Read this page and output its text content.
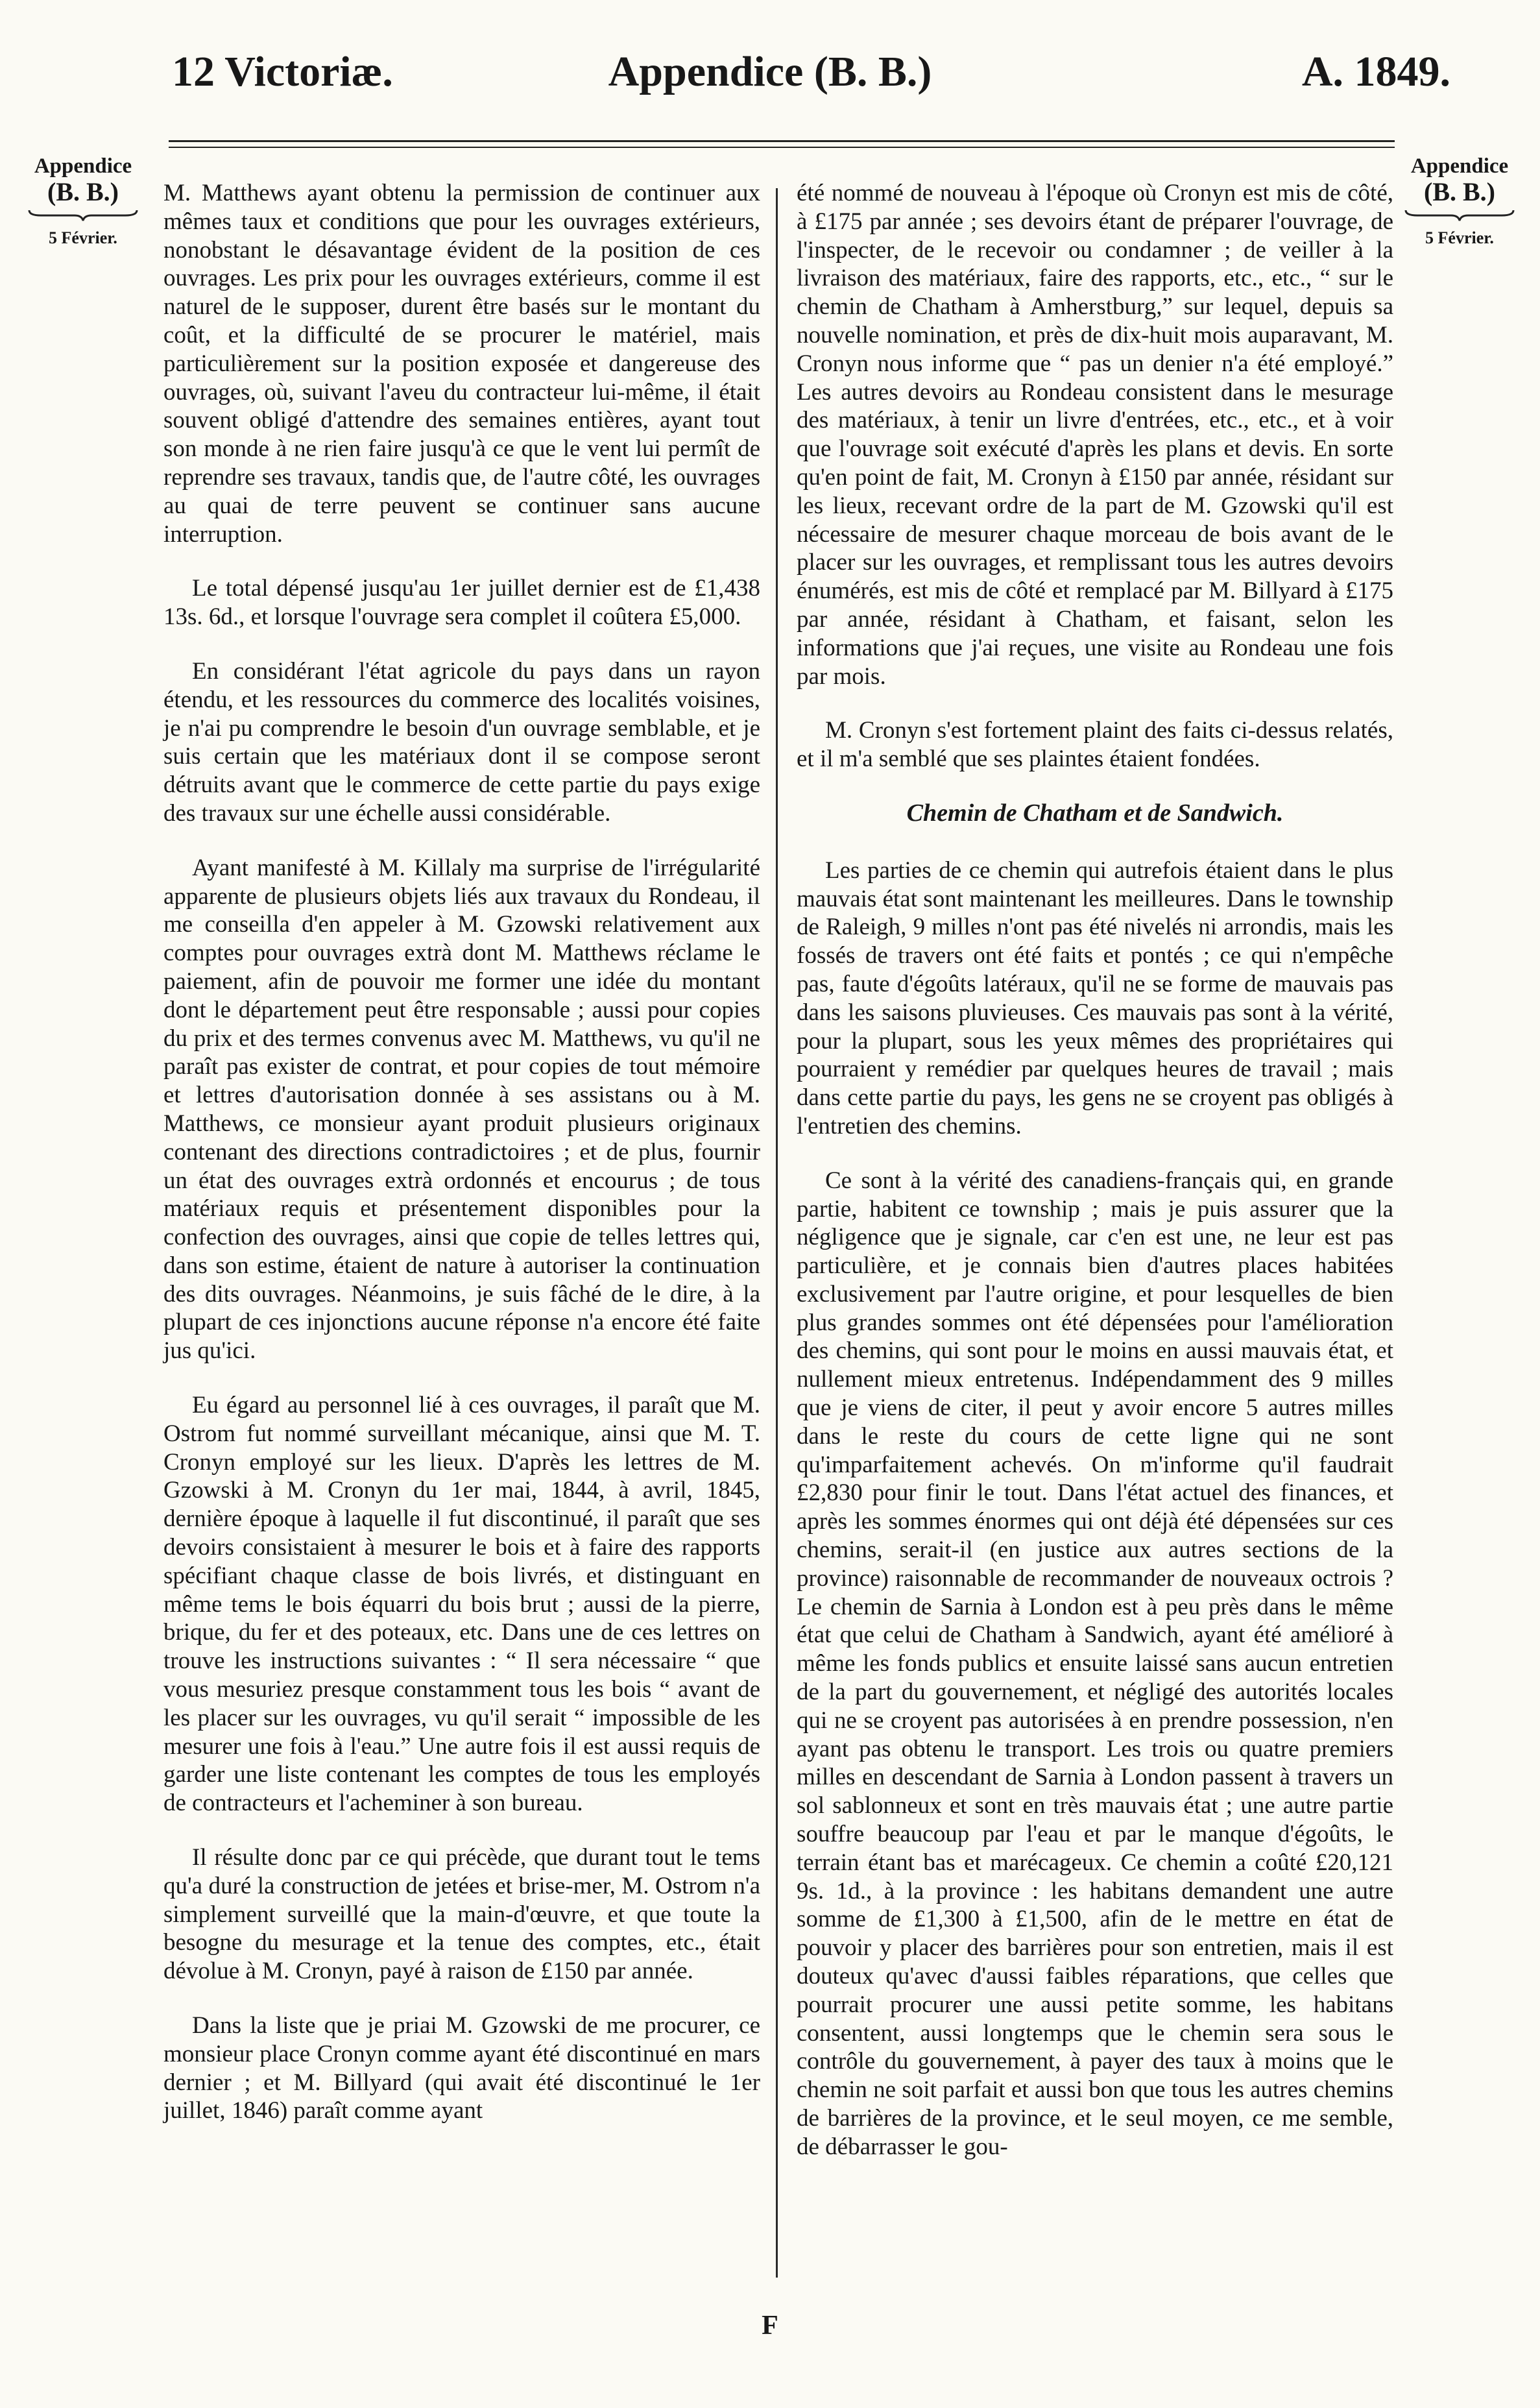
12 Victoriæ.	Appendice (B. B.)	A. 1849.
Appendice
(B. B.)
5 Février.
Appendice
(B. B.)
5 Février.

M. Matthews ayant obtenu la permission de continuer aux mêmes taux et conditions que pour les ouvrages extérieurs, nonobstant le désavantage évident de la position de ces ouvrages. Les prix pour les ouvrages extérieurs, comme il est naturel de le supposer, durent être basés sur le montant du coût, et la difficulté de se procurer le matériel, mais particulièrement sur la position exposée et dangereuse des ouvrages, où, suivant l'aveu du contracteur lui-même, il était souvent obligé d'attendre des semaines entières, ayant tout son monde à ne rien faire jusqu'à ce que le vent lui permît de reprendre ses travaux, tandis que, de l'autre côté, les ouvrages au quai de terre peuvent se continuer sans aucune interruption.

Le total dépensé jusqu'au 1er juillet dernier est de £1,438 13s. 6d., et lorsque l'ouvrage sera complet il coûtera £5,000.

En considérant l'état agricole du pays dans un rayon étendu, et les ressources du commerce des localités voisines, je n'ai pu comprendre le besoin d'un ouvrage semblable, et je suis certain que les matériaux dont il se compose seront détruits avant que le commerce de cette partie du pays exige des travaux sur une échelle aussi considérable.

Ayant manifesté à M. Killaly ma surprise de l'irrégularité apparente de plusieurs objets liés aux travaux du Rondeau, il me conseilla d'en appeler à M. Gzowski relativement aux comptes pour ouvrages extrà dont M. Matthews réclame le paiement, afin de pouvoir me former une idée du montant dont le département peut être responsable ; aussi pour copies du prix et des termes convenus avec M. Matthews, vu qu'il ne paraît pas exister de contrat, et pour copies de tout mémoire et lettres d'autorisation donnée à ses assistans ou à M. Matthews, ce monsieur ayant produit plusieurs originaux contenant des directions contradictoires ; et de plus, fournir un état des ouvrages extrà ordonnés et encourus ; de tous matériaux requis et présentement disponibles pour la confection des ouvrages, ainsi que copie de telles lettres qui, dans son estime, étaient de nature à autoriser la continuation des dits ouvrages. Néanmoins, je suis fâché de le dire, à la plupart de ces injonctions aucune réponse n'a encore été faite jus qu'ici.

Eu égard au personnel lié à ces ouvrages, il paraît que M. Ostrom fut nommé surveillant mécanique, ainsi que M. T. Cronyn employé sur les lieux. D'après les lettres de M. Gzowski à M. Cronyn du 1er mai, 1844, à avril, 1845, dernière époque à laquelle il fut discontinué, il paraît que ses devoirs consistaient à mesurer le bois et à faire des rapports spécifiant chaque classe de bois livrés, et distinguant en même tems le bois équarri du bois brut ; aussi de la pierre, brique, du fer et des poteaux, etc. Dans une de ces lettres on trouve les instructions suivantes : “ Il sera nécessaire “ que vous mesuriez presque constamment tous les bois “ avant de les placer sur les ouvrages, vu qu'il serait “ impossible de les mesurer une fois à l'eau.” Une autre fois il est aussi requis de garder une liste contenant les comptes de tous les employés de contracteurs et l'acheminer à son bureau.

Il résulte donc par ce qui précède, que durant tout le tems qu'a duré la construction de jetées et brise-mer, M. Ostrom n'a simplement surveillé que la main-d'œuvre, et que toute la besogne du mesurage et la tenue des comptes, etc., était dévolue à M. Cronyn, payé à raison de £150 par année.

Dans la liste que je priai M. Gzowski de me procurer, ce monsieur place Cronyn comme ayant été discontinué en mars dernier ; et M. Billyard (qui avait été discontinué le 1er juillet, 1846) paraît comme ayant

été nommé de nouveau à l'époque où Cronyn est mis de côté, à £175 par année ; ses devoirs étant de préparer l'ouvrage, de l'inspecter, de le recevoir ou condamner ; de veiller à la livraison des matériaux, faire des rapports, etc., etc., “ sur le chemin de Chatham à Amherstburg,” sur lequel, depuis sa nouvelle nomination, et près de dix-huit mois auparavant, M. Cronyn nous informe que “ pas un denier n'a été employé.” Les autres devoirs au Rondeau consistent dans le mesurage des matériaux, à tenir un livre d'entrées, etc., etc., et à voir que l'ouvrage soit exécuté d'après les plans et devis. En sorte qu'en point de fait, M. Cronyn à £150 par année, résidant sur les lieux, recevant ordre de la part de M. Gzowski qu'il est nécessaire de mesurer chaque morceau de bois avant de le placer sur les ouvrages, et remplissant tous les autres devoirs énumérés, est mis de côté et remplacé par M. Billyard à £175 par année, résidant à Chatham, et faisant, selon les informations que j'ai reçues, une visite au Rondeau une fois par mois.

M. Cronyn s'est fortement plaint des faits ci-dessus relatés, et il m'a semblé que ses plaintes étaient fondées.

Chemin de Chatham et de Sandwich.

Les parties de ce chemin qui autrefois étaient dans le plus mauvais état sont maintenant les meilleures. Dans le township de Raleigh, 9 milles n'ont pas été nivelés ni arrondis, mais les fossés de travers ont été faits et pontés ; ce qui n'empêche pas, faute d'égoûts latéraux, qu'il ne se forme de mauvais pas dans les saisons pluvieuses. Ces mauvais pas sont à la vérité, pour la plupart, sous les yeux mêmes des propriétaires qui pourraient y remédier par quelques heures de travail ; mais dans cette partie du pays, les gens ne se croyent pas obligés à l'entretien des chemins.

Ce sont à la vérité des canadiens-français qui, en grande partie, habitent ce township ; mais je puis assurer que la négligence que je signale, car c'en est une, ne leur est pas particulière, et je connais bien d'autres places habitées exclusivement par l'autre origine, et pour lesquelles de bien plus grandes sommes ont été dépensées pour l'amélioration des chemins, qui sont pour le moins en aussi mauvais état, et nullement mieux entretenus. Indépendamment des 9 milles que je viens de citer, il peut y avoir encore 5 autres milles dans le reste du cours de cette ligne qui ne sont qu'imparfaitement achevés. On m'informe qu'il faudrait £2,830 pour finir le tout. Dans l'état actuel des finances, et après les sommes énormes qui ont déjà été dépensées sur ces chemins, serait-il (en justice aux autres sections de la province) raisonnable de recommander de nouveaux octrois ? Le chemin de Sarnia à London est à peu près dans le même état que celui de Chatham à Sandwich, ayant été amélioré à même les fonds publics et ensuite laissé sans aucun entretien de la part du gouvernement, et négligé des autorités locales qui ne se croyent pas autorisées à en prendre possession, n'en ayant pas obtenu le transport. Les trois ou quatre premiers milles en descendant de Sarnia à London passent à travers un sol sablonneux et sont en très mauvais état ; une autre partie souffre beaucoup par l'eau et par le manque d'égoûts, le terrain étant bas et marécageux. Ce chemin a coûté £20,121 9s. 1d., à la province : les habitans demandent une autre somme de £1,300 à £1,500, afin de le mettre en état de pouvoir y placer des barrières pour son entretien, mais il est douteux qu'avec d'aussi faibles réparations, que celles que pourrait procurer une aussi petite somme, les habitans consentent, aussi longtemps que le chemin sera sous le contrôle du gouvernement, à payer des taux à moins que le chemin ne soit parfait et aussi bon que tous les autres chemins de barrières de la province, et le seul moyen, ce me semble, de débarrasser le gou-

F
